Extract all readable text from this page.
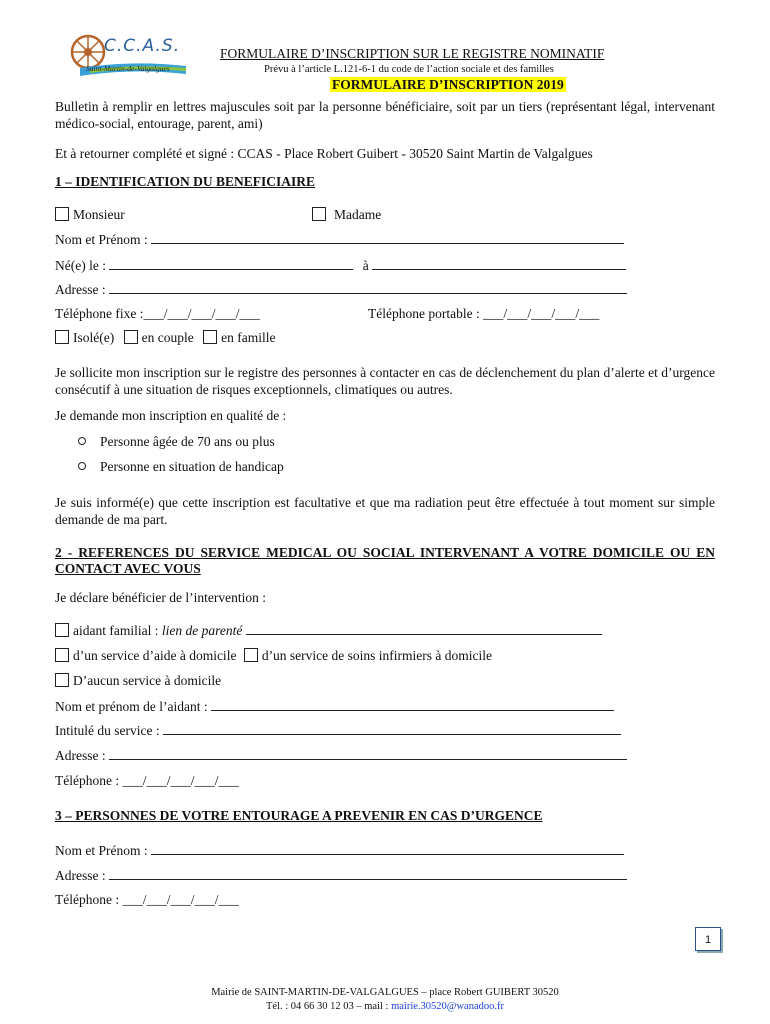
C.C.A.S.
Saint-Martin-de-Valgalgues
FORMULAIRE D’INSCRIPTION SUR LE REGISTRE NOMINATIF
Prévu à l’article L.121-6-1 du code de l’action sociale et des familles
FORMULAIRE D’INSCRIPTION 2019
Bulletin à remplir en lettres majuscules soit par la personne bénéficiaire, soit par un tiers (représentant légal, intervenant médico-social, entourage, parent, ami)
Et à retourner complété et signé : CCAS - Place Robert Guibert - 30520 Saint Martin de Valgalgues
1 – IDENTIFICATION DU BENEFICIAIRE
Monsieur	Madame
Nom et Prénom :
Né(e) le :	à
Adresse :
Téléphone fixe :___/___/___/___/___	Téléphone portable : ___/___/___/___/___
Isolé(e) en couple en famille
Je sollicite mon inscription sur le registre des personnes à contacter en cas de déclenchement du plan d’alerte et d’urgence consécutif à une situation de risques exceptionnels, climatiques ou autres.
Je demande mon inscription en qualité de :
Personne âgée de 70 ans ou plus
Personne en situation de handicap
Je suis informé(e) que cette inscription est facultative et que ma radiation peut être effectuée à tout moment sur simple demande de ma part.
2 - REFERENCES DU SERVICE MEDICAL OU SOCIAL INTERVENANT A VOTRE DOMICILE OU EN CONTACT AVEC VOUS
Je déclare bénéficier de l’intervention :
aidant familial : lien de parenté
d’un service d’aide à domicile d’un service de soins infirmiers à domicile
D’aucun service à domicile
Nom et prénom de l’aidant :
Intitulé du service :
Adresse :
Téléphone : ___/___/___/___/___
3 – PERSONNES DE VOTRE ENTOURAGE A PREVENIR EN CAS D’URGENCE
Nom et Prénom :
Adresse :
Téléphone : ___/___/___/___/___
1
Mairie de SAINT-MARTIN-DE-VALGALGUES – place Robert GUIBERT 30520
Tél. : 04 66 30 12 03 – mail : mairie.30520@wanadoo.fr
